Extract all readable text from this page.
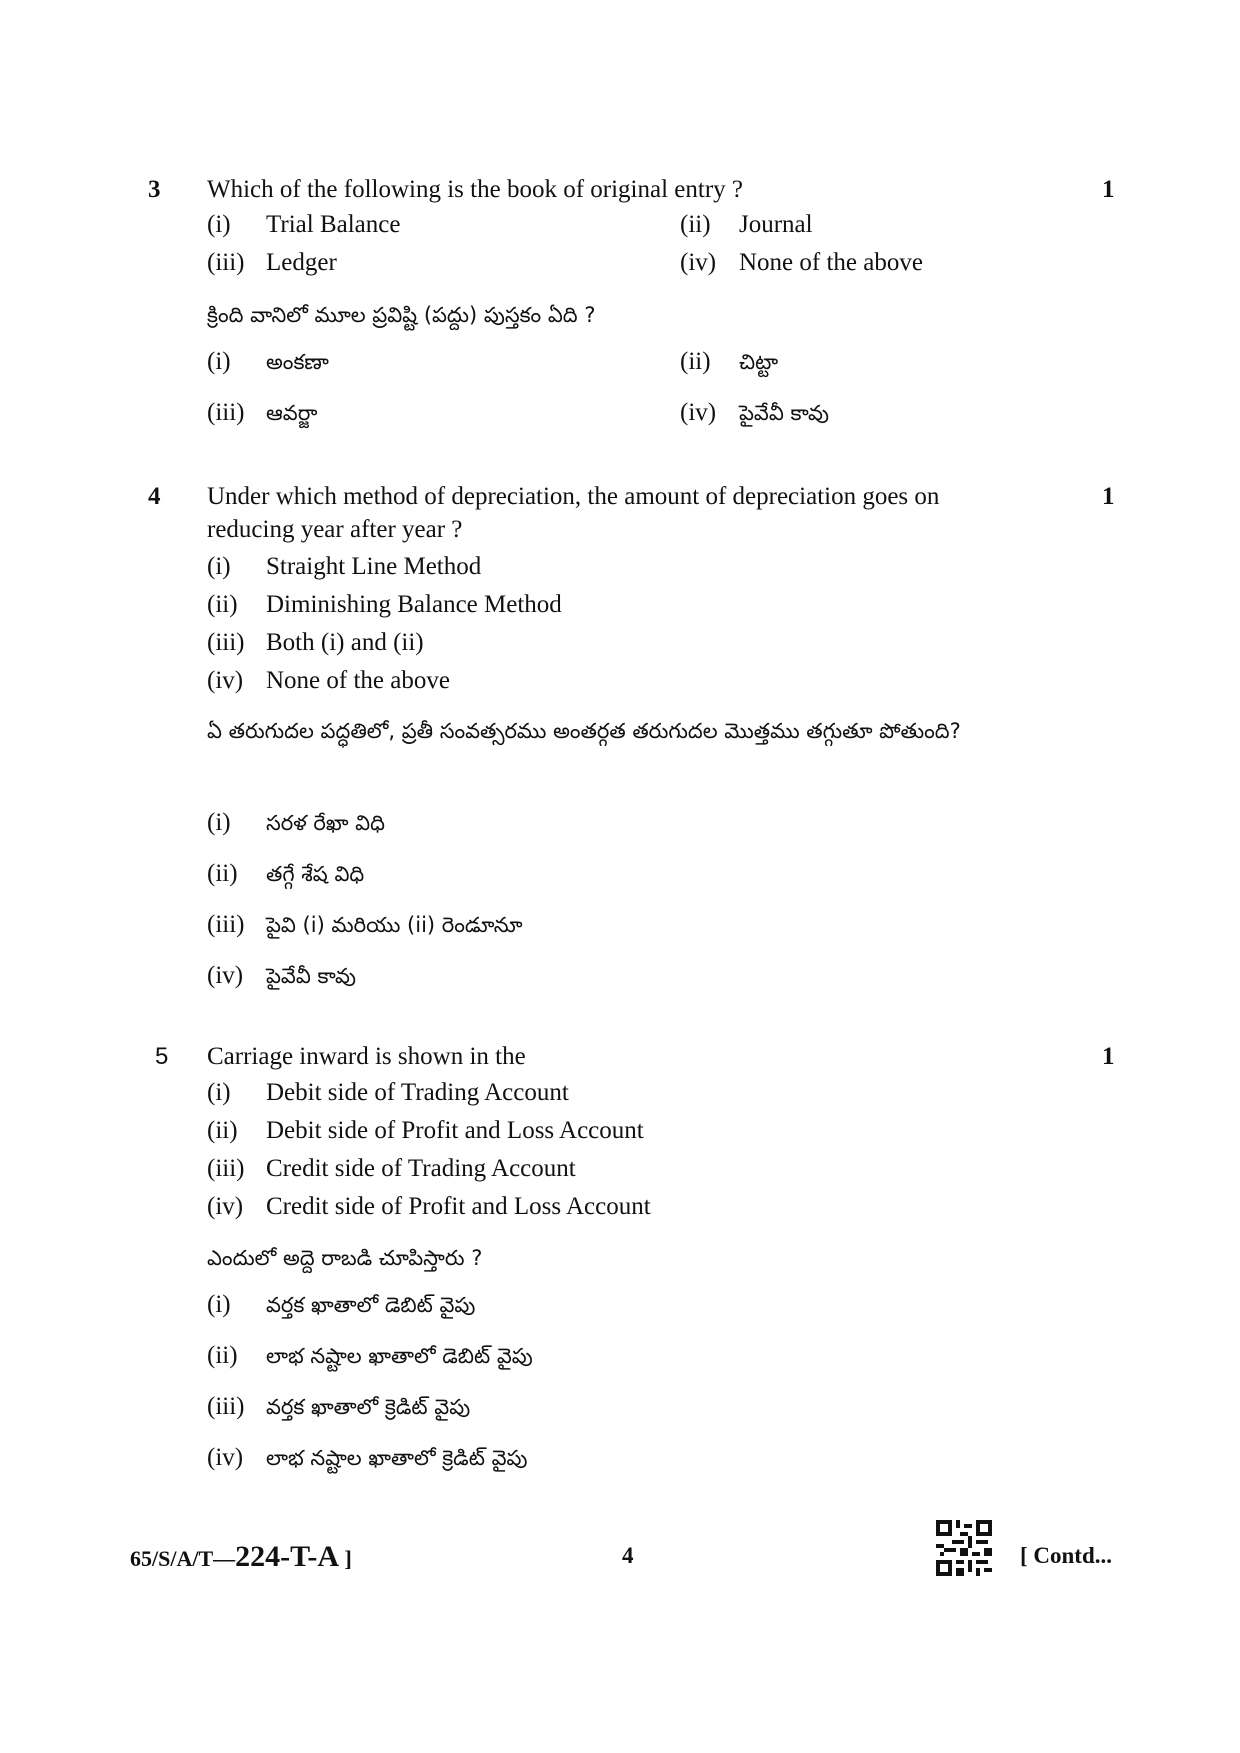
3 Which of the following is the book of original entry ?	1
(i) Trial Balance	(ii) Journal
(iii) Ledger	(iv) None of the above
క్రింది వానిలో మూల ప్రవిష్టి (పద్దు) పుస్తకం ఏది ?
(i) అంకణా	(ii) చిట్టా
(iii) ఆవర్జా	(iv) పైవేవీ కావు
4 Under which method of depreciation, the amount of depreciation goes on reducing year after year ?
1
(i) Straight Line Method
(ii) Diminishing Balance Method
(iii) Both (i) and (ii)
(iv) None of the above
ఏ తరుగుదల పద్ధతిలో, ప్రతీ సంవత్సరము అంతర్గత తరుగుదల మొత్తము తగ్గుతూ పోతుంది?
(i) సరళ రేఖా విధి
(ii) తగ్గే శేష విధి
(iii) పైవి (i) మరియు (ii) రెండూనూ
(iv) పైవేవీ కావు
5 Carriage inward is shown in the	1
(i) Debit side of Trading Account
(ii) Debit side of Profit and Loss Account
(iii) Credit side of Trading Account
(iv) Credit side of Profit and Loss Account
ఎందులో అద్దె రాబడి చూపిస్తారు ?
(i) వర్తక ఖాతాలో డెబిట్ వైపు
(ii) లాభ నష్టాల ఖాతాలో డెబిట్ వైపు
(iii) వర్తక ఖాతాలో క్రెడిట్ వైపు
(iv) లాభ నష్టాల ఖాతాలో క్రెడిట్ వైపు
65/S/A/T—224-T-A ]	4	[ Contd...
